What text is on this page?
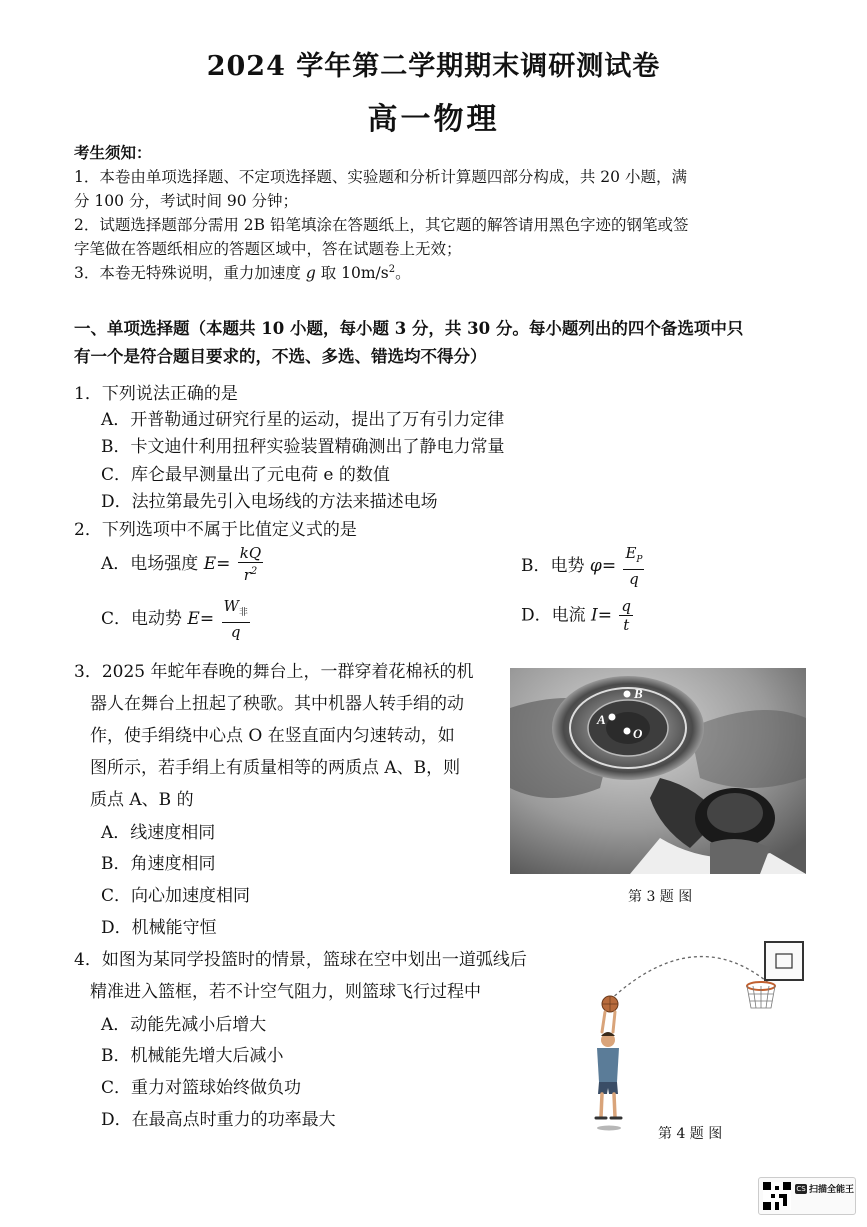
2024 学年第二学期期末调研测试卷
高一物理
考生须知：
1．本卷由单项选择题、不定项选择题、实验题和分析计算题四部分构成，共 20 小题，满
分 100 分，考试时间 90 分钟；
2．试题选择题部分需用 2B 铅笔填涂在答题纸上，其它题的解答请用黑色字迹的钢笔或签
字笔做在答题纸相应的答题区域中，答在试题卷上无效；
3．本卷无特殊说明，重力加速度 g 取 $10m/s^2$。
一、单项选择题（本题共 10 小题，每小题 3 分，共 30 分。每小题列出的四个备选项中只
有一个是符合题目要求的，不选、多选、错选均不得分）
1．下列说法正确的是
A．开普勒通过研究行星的运动，提出了万有引力定律
B．卡文迪什利用扭秤实验装置精确测出了静电力常量
C．库仑最早测量出了元电荷 e 的数值
D．法拉第最先引入电场线的方法来描述电场
2．下列选项中不属于比值定义式的是
A．电场强度 $E= \frac{kQ}{r^2}$	B．电势 $\varphi= \frac{E_P}{q}$
C．电动势 $E= \frac{W_非}{q}$	D．电流 $I= \frac{q}{t}$
3．2025 年蛇年春晚的舞台上，一群穿着花棉袄的机
器人在舞台上扭起了秧歌。其中机器人转手绢的动
作，使手绢绕中心点 O 在竖直面内匀速转动，如
图所示，若手绢上有质量相等的两质点 A、B，则
质点 A、B 的
A．线速度相同
B．角速度相同
C．向心加速度相同
D．机械能守恒
B
A
O
第 3 题 图
4．如图为某同学投篮时的情景，篮球在空中划出一道弧线后
精准进入篮框，若不计空气阻力，则篮球飞行过程中
A．动能先减小后增大
B．机械能先增大后减小
C．重力对篮球始终做负功
D．在最高点时重力的功率最大
第 4 题 图
CS 扫描全能王
